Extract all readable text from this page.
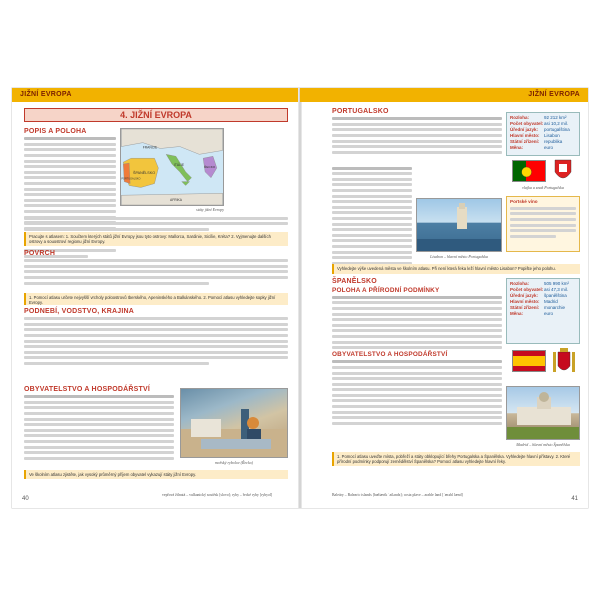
JIŽNÍ EVROPA
4. JIŽNÍ EVROPA
POPIS A POLOHA
ŠPANĚLSKO
PORTUGALSKO
ITÁLIE	ŘECKO
FRANCIE
AFRIKA
státy jižní Evropy
Pracujte s atlasem: 1. Součtem kterých států jižní Evropy jsou tyto ostrovy: Mallorca, Sardinie, Sicílie, Kréta? 2. Vyjmenujte dalších ostrovy a souostroví regionu jižní Evropy.
POVRCH
1. Pomocí atlasu určete nejvyšší vrcholy poloostrovů Iberského, Apeninského a Balkánského. 2. Pomocí atlasu vyhledejte sopky jižní Evropy.
PODNEBÍ, VODSTVO, KRAJINA
OBYVATELSTVO A HOSPODÁŘSTVÍ
mořský rybolov (Řecko)
Ve školním atlasu zjistěte, jak vysoký průměrný příjem obyvatel vykazují státy jižní Evropy.
vepřová žilnatá – vulkanický soutěsk [slovo]; ryby – řecké ryby [rybyol]
40
JIŽNÍ EVROPA
PORTUGALSKO
Lisabon – hlavní město Portugalska
Rozloha:	92 212 km²
Počet obyvatel:asi 10,2 mil.
Úřední jazyk: portugalština
Hlavní město: Lisabon
Státní zřízení: republika
Měna:	euro
vlajka a znak Portugalska
Portské víno
Vyhledejte výše uvedená města ve školním atlasu. Při není která řeka leží hlavní město Lisabon? Popište jeho polohu.
ŠPANĚLSKO
POLOHA A PŘÍRODNÍ PODMÍNKY
OBYVATELSTVO A HOSPODÁŘSTVÍ
Rozloha:	505 990 km²
Počet obyvatel:asi 47,3 mil.
Úřední jazyk: španělština
Hlavní město: Madrid
Státní zřízení: monarchie
Měna:	euro
Madrid – hlavní město Španělska
1. Pomocí atlasu uveďte místa, pobřeží a státy obklopující břehy Portugalska a Španělska. Vyhledejte hlavní přístavy. 2. Které přírodní podmínky podporují zemědělství Španělska? Pomocí atlasu vyhledejte hlavní řeky.
Baleáry – Balearic islands [bæliærik ˈailəndz]; costa plave – arable land [ˈærəbl lænd]
41
